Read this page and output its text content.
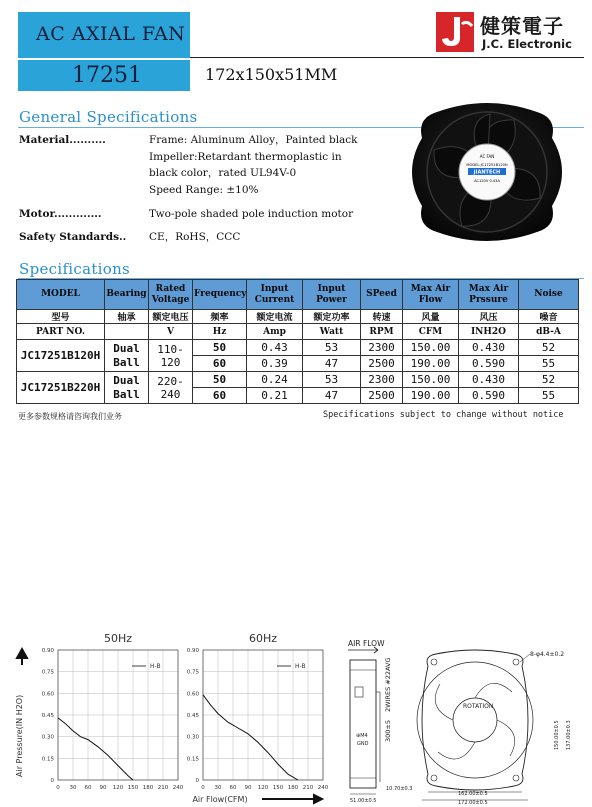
AC AXIAL FAN
17251	172x150x51MM
健策電子
J.C. Electronic
General Specifications
Material..........	Frame: Aluminum Alloy，Painted black
Impeller:Retardant thermoplastic in
black color，rated UL94V-0
Speed Range: ±10%
Motor.............	Two-pole shaded pole induction motor
Safety Standards.. CE，RoHS，CCC
AC FAN
MODEL:JC17251B120H
JIANTECH
AC120V 0.43A
Specifications
MODEL	Bearing	Rated Voltage	Frequency	Input Current	Input Power	SPeed	Max Air Flow	Max Air Prssure	Noise
型号	轴承	额定电压	频率	额定电流	额定功率	转速	风量	风压	噪音
PART NO.		V	Hz	Amp	Watt	RPM	CFM	INH2O	dB-A
JC17251B120H	Dual Ball	110-120	50	0.43	53	2300	150.00	0.430	52
			60	0.39	47	2500	190.00	0.590	55
JC17251B220H	Dual Ball	220-240	50	0.24	53	2300	150.00	0.430	52
			60	0.21	47	2500	190.00	0.590	55
更多参数规格请咨询我们业务	Specifications subject to change without notice
50Hz
0
0.15
0.30
0.45
0.60
0.75
0.90
0 30 60 90 120 150 180 210 240
H-B
60Hz
0
0.15
0.30
0.45
0.60
0.75
0.90
0 30 60 90 120 150 180 210 240
H-B
Air Pressure(IN H2O)
Air Flow(CFM)
AIR FLOW
⊕M4
GND
300±5
2WIRES #22AVG
51.00±0.5
10.70±0.3
ROTATION
8-φ4.4±0.2
150.00±0.5 137.00±0.3
162.00±0.5
172.00±0.5
